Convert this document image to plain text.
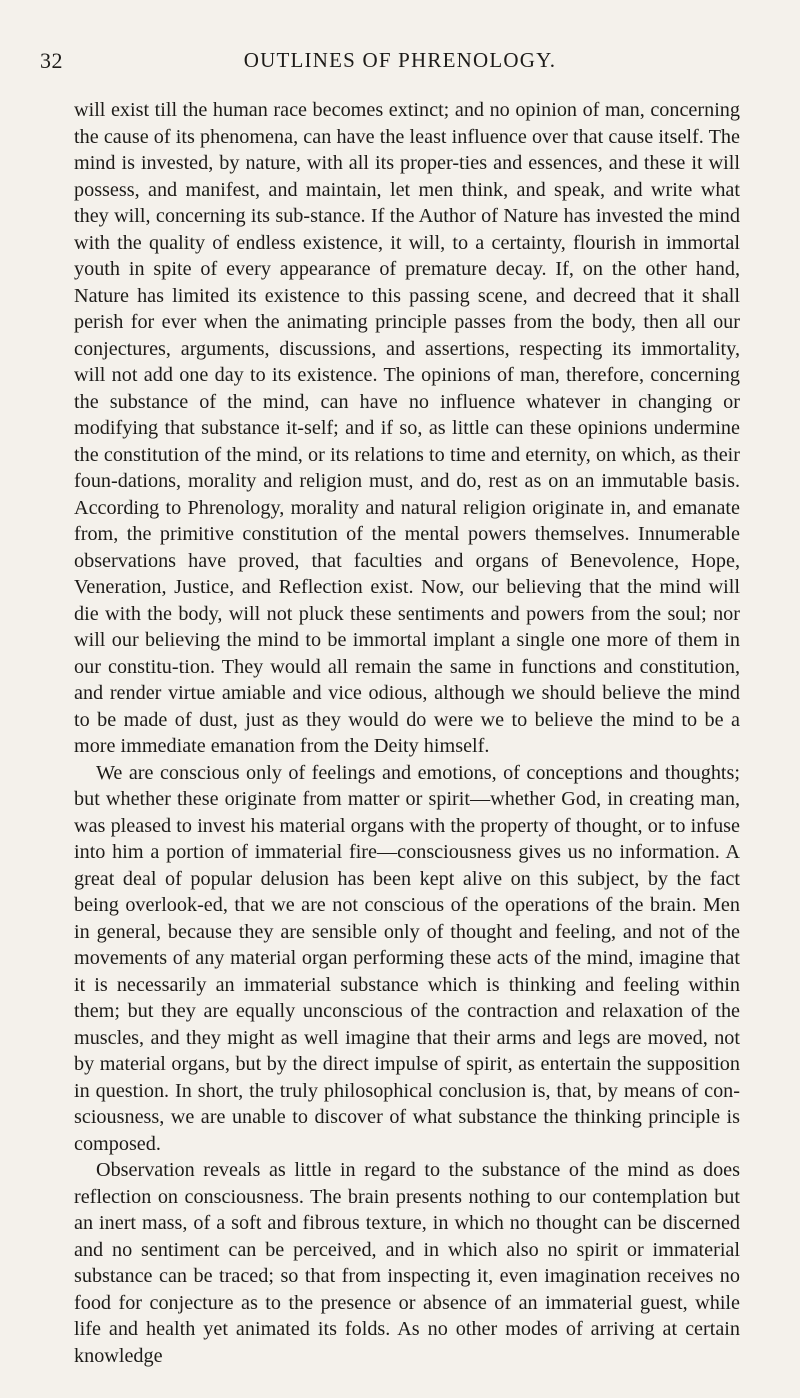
32	OUTLINES OF PHRENOLOGY.

will exist till the human race becomes extinct; and no opinion of man, concerning the cause of its phenomena, can have the least influence over that cause itself. The mind is invested, by nature, with all its proper-ties and essences, and these it will possess, and manifest, and maintain, let men think, and speak, and write what they will, concerning its sub-stance. If the Author of Nature has invested the mind with the quality of endless existence, it will, to a certainty, flourish in immortal youth in spite of every appearance of premature decay. If, on the other hand, Nature has limited its existence to this passing scene, and decreed that it shall perish for ever when the animating principle passes from the body, then all our conjectures, arguments, discussions, and assertions, respecting its immortality, will not add one day to its existence. The opinions of man, therefore, concerning the substance of the mind, can have no influence whatever in changing or modifying that substance it-self; and if so, as little can these opinions undermine the constitution of the mind, or its relations to time and eternity, on which, as their foun-dations, morality and religion must, and do, rest as on an immutable basis. According to Phrenology, morality and natural religion originate in, and emanate from, the primitive constitution of the mental powers themselves. Innumerable observations have proved, that faculties and organs of Benevolence, Hope, Veneration, Justice, and Reflection exist. Now, our believing that the mind will die with the body, will not pluck these sentiments and powers from the soul; nor will our believing the mind to be immortal implant a single one more of them in our constitu-tion. They would all remain the same in functions and constitution, and render virtue amiable and vice odious, although we should believe the mind to be made of dust, just as they would do were we to believe the mind to be a more immediate emanation from the Deity himself.

We are conscious only of feelings and emotions, of conceptions and thoughts; but whether these originate from matter or spirit—whether God, in creating man, was pleased to invest his material organs with the property of thought, or to infuse into him a portion of immaterial fire—consciousness gives us no information. A great deal of popular delusion has been kept alive on this subject, by the fact being overlook-ed, that we are not conscious of the operations of the brain. Men in general, because they are sensible only of thought and feeling, and not of the movements of any material organ performing these acts of the mind, imagine that it is necessarily an immaterial substance which is thinking and feeling within them; but they are equally unconscious of the contraction and relaxation of the muscles, and they might as well imagine that their arms and legs are moved, not by material organs, but by the direct impulse of spirit, as entertain the supposition in question. In short, the truly philosophical conclusion is, that, by means of con-sciousness, we are unable to discover of what substance the thinking principle is composed.

Observation reveals as little in regard to the substance of the mind as does reflection on consciousness. The brain presents nothing to our contemplation but an inert mass, of a soft and fibrous texture, in which no thought can be discerned and no sentiment can be perceived, and in which also no spirit or immaterial substance can be traced; so that from inspecting it, even imagination receives no food for conjecture as to the presence or absence of an immaterial guest, while life and health yet animated its folds. As no other modes of arriving at certain knowledge
